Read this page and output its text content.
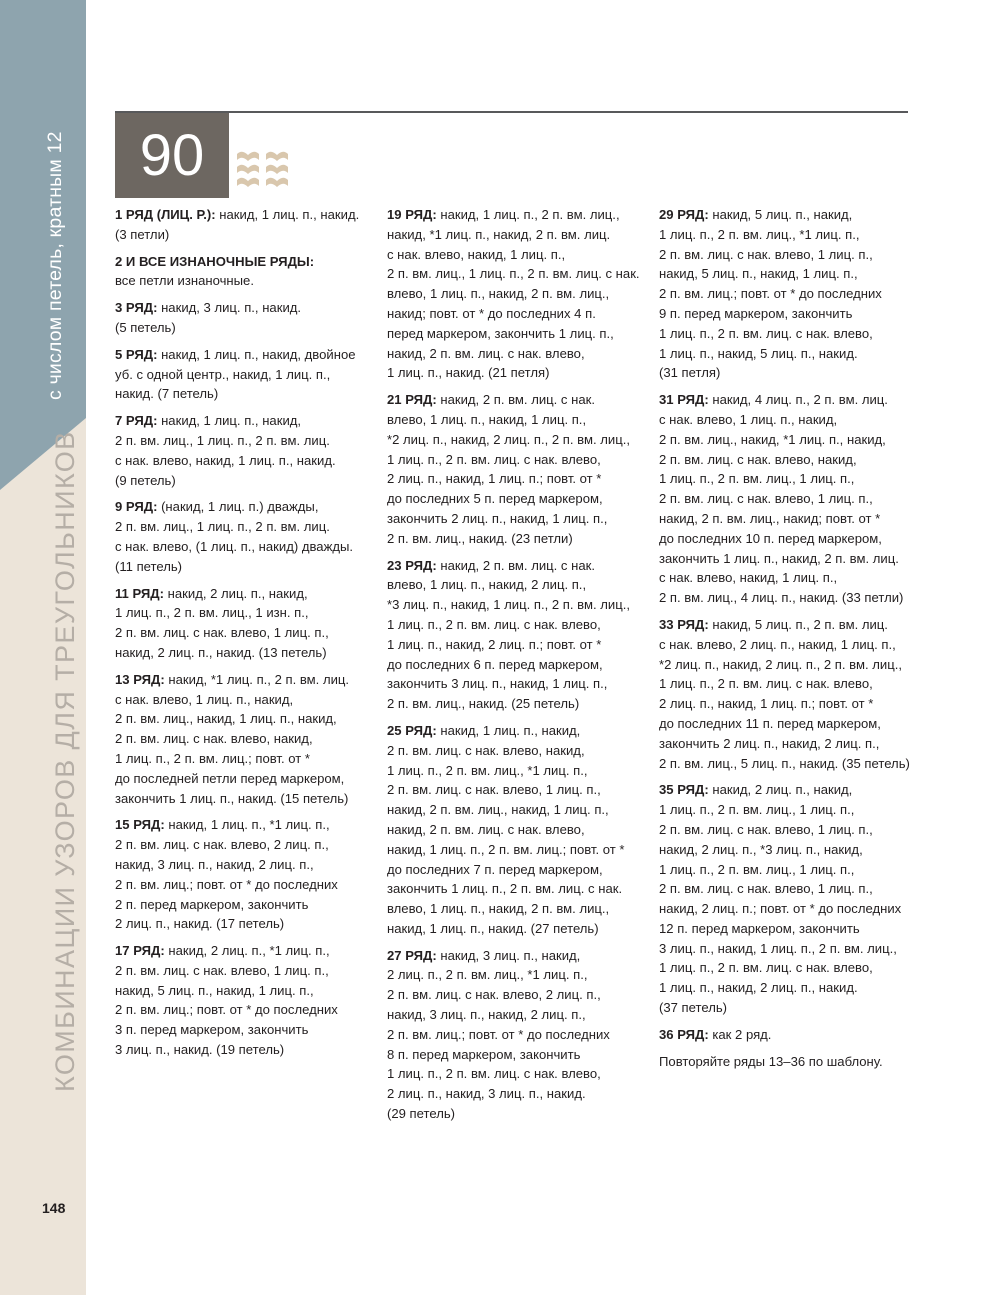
с числом петель, кратным 12
КОМБИНАЦИИ УЗОРОВ ДЛЯ ТРЕУГОЛЬНИКОВ
148
90
1 РЯД (ЛИЦ. Р.): накид, 1 лиц. п., накид.
(3 петли)
2 И ВСЕ ИЗНАНОЧНЫЕ РЯДЫ:
все петли изнаночные.
3 РЯД: накид, 3 лиц. п., накид.
(5 петель)
5 РЯД: накид, 1 лиц. п., накид, двойное
уб. с одной центр., накид, 1 лиц. п.,
накид. (7 петель)
7 РЯД: накид, 1 лиц. п., накид,
2 п. вм. лиц., 1 лиц. п., 2 п. вм. лиц.
с нак. влево, накид, 1 лиц. п., накид.
(9 петель)
9 РЯД: (накид, 1 лиц. п.) дважды,
2 п. вм. лиц., 1 лиц. п., 2 п. вм. лиц.
с нак. влево, (1 лиц. п., накид) дважды.
(11 петель)
11 РЯД: накид, 2 лиц. п., накид,
1 лиц. п., 2 п. вм. лиц., 1 изн. п.,
2 п. вм. лиц. с нак. влево, 1 лиц. п.,
накид, 2 лиц. п., накид. (13 петель)
13 РЯД: накид, *1 лиц. п., 2 п. вм. лиц.
с нак. влево, 1 лиц. п., накид,
2 п. вм. лиц., накид, 1 лиц. п., накид,
2 п. вм. лиц. с нак. влево, накид,
1 лиц. п., 2 п. вм. лиц.; повт. от *
до последней петли перед маркером,
закончить 1 лиц. п., накид. (15 петель)
15 РЯД: накид, 1 лиц. п., *1 лиц. п.,
2 п. вм. лиц. с нак. влево, 2 лиц. п.,
накид, 3 лиц. п., накид, 2 лиц. п.,
2 п. вм. лиц.; повт. от * до последних
2 п. перед маркером, закончить
2 лиц. п., накид. (17 петель)
17 РЯД: накид, 2 лиц. п., *1 лиц. п.,
2 п. вм. лиц. с нак. влево, 1 лиц. п.,
накид, 5 лиц. п., накид, 1 лиц. п.,
2 п. вм. лиц.; повт. от * до последних
3 п. перед маркером, закончить
3 лиц. п., накид. (19 петель)
19 РЯД: накид, 1 лиц. п., 2 п. вм. лиц.,
накид, *1 лиц. п., накид, 2 п. вм. лиц.
с нак. влево, накид, 1 лиц. п.,
2 п. вм. лиц., 1 лиц. п., 2 п. вм. лиц. с нак.
влево, 1 лиц. п., накид, 2 п. вм. лиц.,
накид; повт. от * до последних 4 п.
перед маркером, закончить 1 лиц. п.,
накид, 2 п. вм. лиц. с нак. влево,
1 лиц. п., накид. (21 петля)
21 РЯД: накид, 2 п. вм. лиц. с нак.
влево, 1 лиц. п., накид, 1 лиц. п.,
*2 лиц. п., накид, 2 лиц. п., 2 п. вм. лиц.,
1 лиц. п., 2 п. вм. лиц. с нак. влево,
2 лиц. п., накид, 1 лиц. п.; повт. от *
до последних 5 п. перед маркером,
закончить 2 лиц. п., накид, 1 лиц. п.,
2 п. вм. лиц., накид. (23 петли)
23 РЯД: накид, 2 п. вм. лиц. с нак.
влево, 1 лиц. п., накид, 2 лиц. п.,
*3 лиц. п., накид, 1 лиц. п., 2 п. вм. лиц.,
1 лиц. п., 2 п. вм. лиц. с нак. влево,
1 лиц. п., накид, 2 лиц. п.; повт. от *
до последних 6 п. перед маркером,
закончить 3 лиц. п., накид, 1 лиц. п.,
2 п. вм. лиц., накид. (25 петель)
25 РЯД: накид, 1 лиц. п., накид,
2 п. вм. лиц. с нак. влево, накид,
1 лиц. п., 2 п. вм. лиц., *1 лиц. п.,
2 п. вм. лиц. с нак. влево, 1 лиц. п.,
накид, 2 п. вм. лиц., накид, 1 лиц. п.,
накид, 2 п. вм. лиц. с нак. влево,
накид, 1 лиц. п., 2 п. вм. лиц.; повт. от *
до последних 7 п. перед маркером,
закончить 1 лиц. п., 2 п. вм. лиц. с нак.
влево, 1 лиц. п., накид, 2 п. вм. лиц.,
накид, 1 лиц. п., накид. (27 петель)
27 РЯД: накид, 3 лиц. п., накид,
2 лиц. п., 2 п. вм. лиц., *1 лиц. п.,
2 п. вм. лиц. с нак. влево, 2 лиц. п.,
накид, 3 лиц. п., накид, 2 лиц. п.,
2 п. вм. лиц.; повт. от * до последних
8 п. перед маркером, закончить
1 лиц. п., 2 п. вм. лиц. с нак. влево,
2 лиц. п., накид, 3 лиц. п., накид.
(29 петель)
29 РЯД: накид, 5 лиц. п., накид,
1 лиц. п., 2 п. вм. лиц., *1 лиц. п.,
2 п. вм. лиц. с нак. влево, 1 лиц. п.,
накид, 5 лиц. п., накид, 1 лиц. п.,
2 п. вм. лиц.; повт. от * до последних
9 п. перед маркером, закончить
1 лиц. п., 2 п. вм. лиц. с нак. влево,
1 лиц. п., накид, 5 лиц. п., накид.
(31 петля)
31 РЯД: накид, 4 лиц. п., 2 п. вм. лиц.
с нак. влево, 1 лиц. п., накид,
2 п. вм. лиц., накид, *1 лиц. п., накид,
2 п. вм. лиц. с нак. влево, накид,
1 лиц. п., 2 п. вм. лиц., 1 лиц. п.,
2 п. вм. лиц. с нак. влево, 1 лиц. п.,
накид, 2 п. вм. лиц., накид; повт. от *
до последних 10 п. перед маркером,
закончить 1 лиц. п., накид, 2 п. вм. лиц.
с нак. влево, накид, 1 лиц. п.,
2 п. вм. лиц., 4 лиц. п., накид. (33 петли)
33 РЯД: накид, 5 лиц. п., 2 п. вм. лиц.
с нак. влево, 2 лиц. п., накид, 1 лиц. п.,
*2 лиц. п., накид, 2 лиц. п., 2 п. вм. лиц.,
1 лиц. п., 2 п. вм. лиц. с нак. влево,
2 лиц. п., накид, 1 лиц. п.; повт. от *
до последних 11 п. перед маркером,
закончить 2 лиц. п., накид, 2 лиц. п.,
2 п. вм. лиц., 5 лиц. п., накид. (35 петель)
35 РЯД: накид, 2 лиц. п., накид,
1 лиц. п., 2 п. вм. лиц., 1 лиц. п.,
2 п. вм. лиц. с нак. влево, 1 лиц. п.,
накид, 2 лиц. п., *3 лиц. п., накид,
1 лиц. п., 2 п. вм. лиц., 1 лиц. п.,
2 п. вм. лиц. с нак. влево, 1 лиц. п.,
накид, 2 лиц. п.; повт. от * до последних
12 п. перед маркером, закончить
3 лиц. п., накид, 1 лиц. п., 2 п. вм. лиц.,
1 лиц. п., 2 п. вм. лиц. с нак. влево,
1 лиц. п., накид, 2 лиц. п., накид.
(37 петель)
36 РЯД: как 2 ряд.
Повторяйте ряды 13–36 по шаблону.
